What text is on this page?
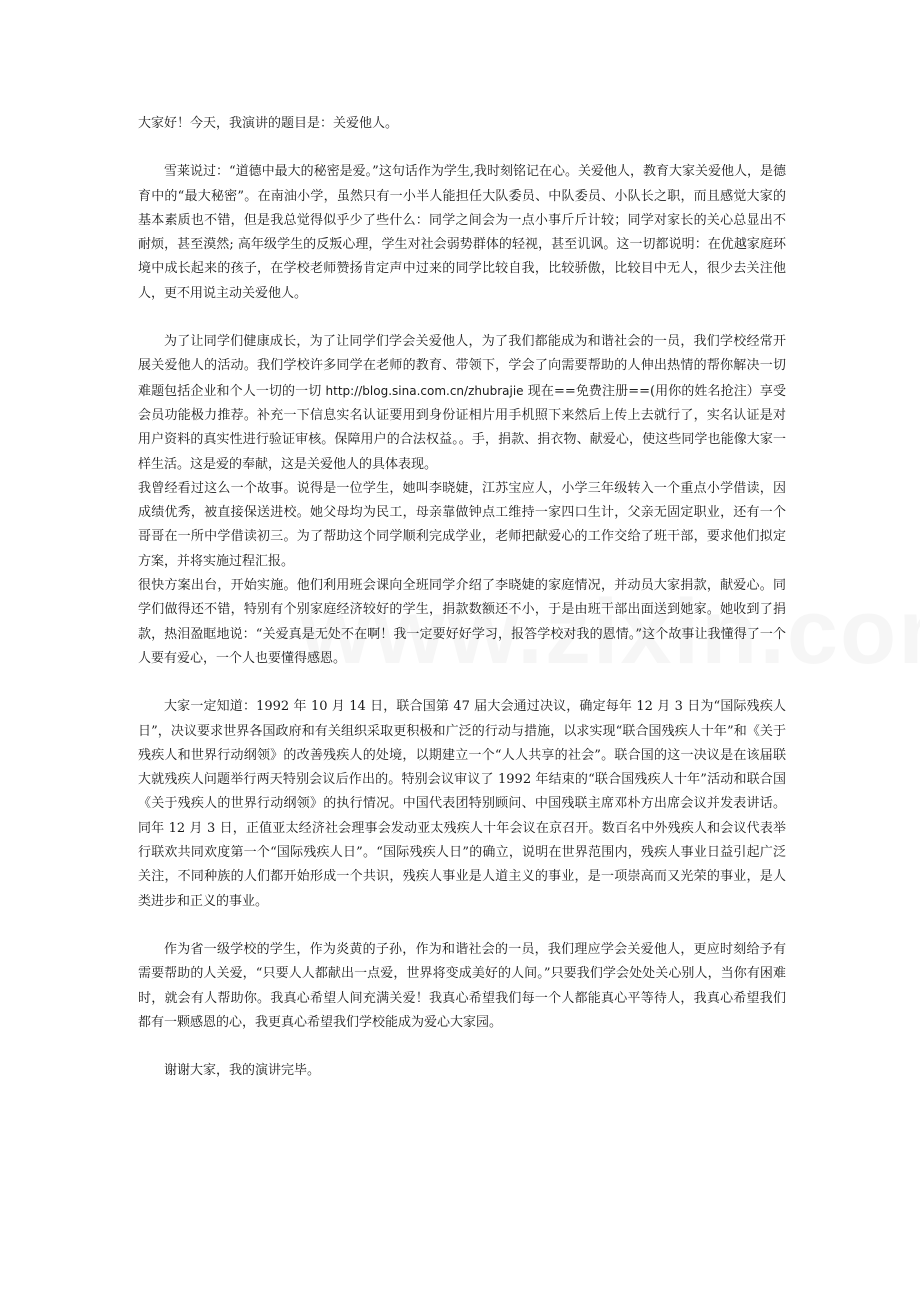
大家好！今天，我演讲的题目是：关爱他人。

雪莱说过：“道德中最大的秘密是爱。”这句话作为学生,我时刻铭记在心。关爱他人，教育大家关爱他人，是德育中的“最大秘密”。在南油小学，虽然只有一小半人能担任大队委员、中队委员、小队长之职，而且感觉大家的基本素质也不错，但是我总觉得似乎少了些什么：同学之间会为一点小事斤斤计较；同学对家长的关心总显出不耐烦，甚至漠然; 高年级学生的反叛心理，学生对社会弱势群体的轻视，甚至讥讽。这一切都说明：在优越家庭环境中成长起来的孩子，在学校老师赞扬肯定声中过来的同学比较自我，比较骄傲，比较目中无人，很少去关注他人，更不用说主动关爱他人。

为了让同学们健康成长，为了让同学们学会关爱他人，为了我们都能成为和谐社会的一员，我们学校经常开展关爱他人的活动。我们学校许多同学在老师的教育、带领下，学会了向需要帮助的人伸出热情的帮你解决一切难题包括企业和个人一切的一切 http://blog.sina.com.cn/zhubrajie 现在==免费注册==(用你的姓名抢注）享受会员功能极力推荐。补充一下信息实名认证要用到身份证相片用手机照下来然后上传上去就行了，实名认证是对用户资料的真实性进行验证审核。保障用户的合法权益。。手，捐款、捐衣物、献爱心，使这些同学也能像大家一样生活。这是爱的奉献，这是关爱他人的具体表现。

我曾经看过这么一个故事。说得是一位学生，她叫李晓婕，江苏宝应人，小学三年级转入一个重点小学借读，因成绩优秀，被直接保送进校。她父母均为民工，母亲靠做钟点工维持一家四口生计，父亲无固定职业，还有一个哥哥在一所中学借读初三。为了帮助这个同学顺利完成学业，老师把献爱心的工作交给了班干部，要求他们拟定方案，并将实施过程汇报。

很快方案出台，开始实施。他们利用班会课向全班同学介绍了李晓婕的家庭情况，并动员大家捐款，献爱心。同学们做得还不错，特别有个别家庭经济较好的学生，捐款数额还不小，于是由班干部出面送到她家。她收到了捐款，热泪盈眶地说：“关爱真是无处不在啊！我一定要好好学习，报答学校对我的恩情。”这个故事让我懂得了一个人要有爱心，一个人也要懂得感恩。

大家一定知道：1992 年 10 月 14 日，联合国第 47 届大会通过决议，确定每年 12 月 3 日为“国际残疾人日”，决议要求世界各国政府和有关组织采取更积极和广泛的行动与措施，以求实现“联合国残疾人十年”和《关于残疾人和世界行动纲领》的改善残疾人的处境，以期建立一个“人人共享的社会”。联合国的这一决议是在该届联大就残疾人问题举行两天特别会议后作出的。特别会议审议了 1992 年结束的“联合国残疾人十年”活动和联合国《关于残疾人的世界行动纲领》的执行情况。中国代表团特别顾问、中国残联主席邓朴方出席会议并发表讲话。同年 12 月 3 日，正值亚太经济社会理事会发动亚太残疾人十年会议在京召开。数百名中外残疾人和会议代表举行联欢共同欢度第一个“国际残疾人日”。“国际残疾人日”的确立，说明在世界范围内，残疾人事业日益引起广泛关注，不同种族的人们都开始形成一个共识，残疾人事业是人道主义的事业，是一项崇高而又光荣的事业，是人类进步和正义的事业。

作为省一级学校的学生，作为炎黄的子孙，作为和谐社会的一员，我们理应学会关爱他人，更应时刻给予有需要帮助的人关爱，“只要人人都献出一点爱，世界将变成美好的人间。”只要我们学会处处关心别人，当你有困难时，就会有人帮助你。我真心希望人间充满关爱！我真心希望我们每一个人都能真心平等待人，我真心希望我们都有一颗感恩的心，我更真心希望我们学校能成为爱心大家园。

谢谢大家，我的演讲完毕。
